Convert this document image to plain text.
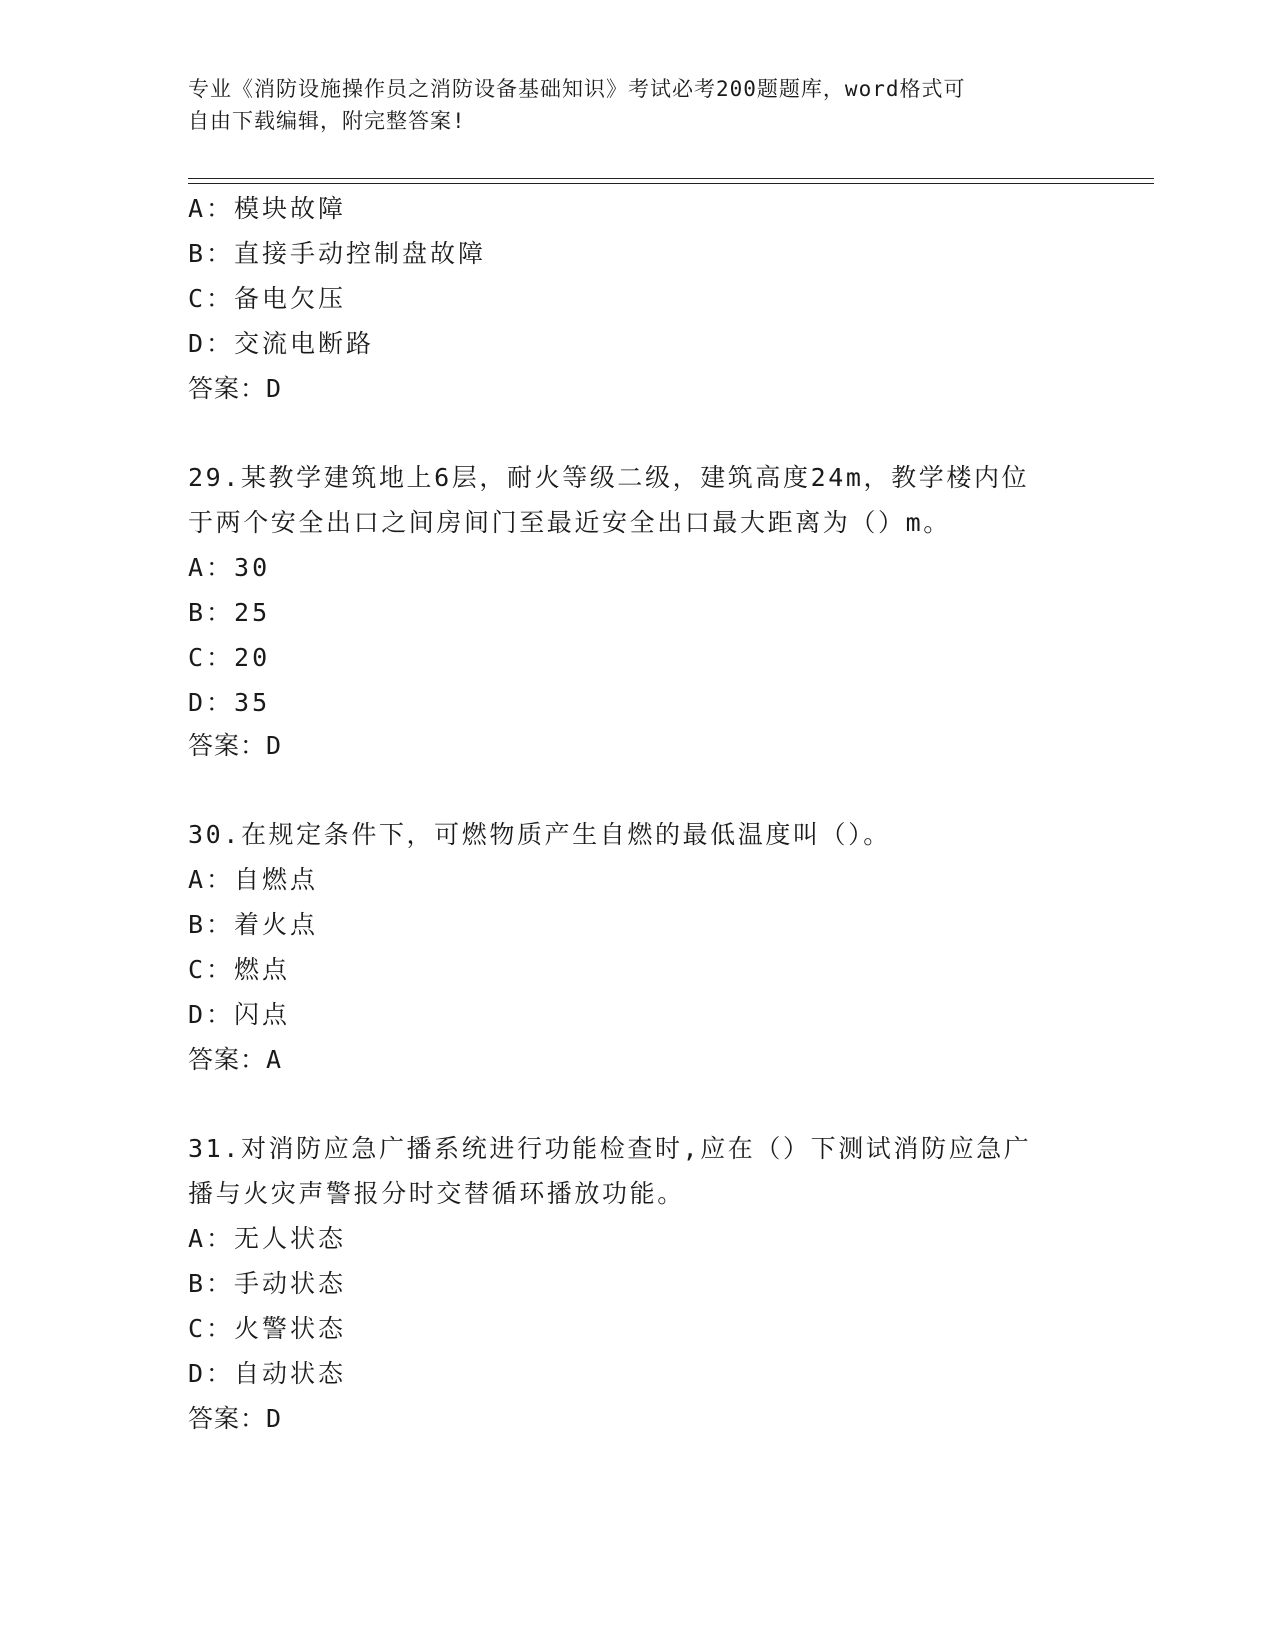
专业《消防设施操作员之消防设备基础知识》考试必考200题题库，word格式可
自由下载编辑，附完整答案!
A：模块故障
B：直接手动控制盘故障
C：备电欠压
D：交流电断路
答案：D
29.某教学建筑地上6层，耐火等级二级，建筑高度24m，教学楼内位
于两个安全出口之间房间门至最近安全出口最大距离为（）m。
A：30
B：25
C：20
D：35
答案：D
30.在规定条件下，可燃物质产生自燃的最低温度叫（）。
A：自燃点
B：着火点
C：燃点
D：闪点
答案：A
31.对消防应急广播系统进行功能检查时,应在（）下测试消防应急广
播与火灾声警报分时交替循环播放功能。
A：无人状态
B：手动状态
C：火警状态
D：自动状态
答案：D
